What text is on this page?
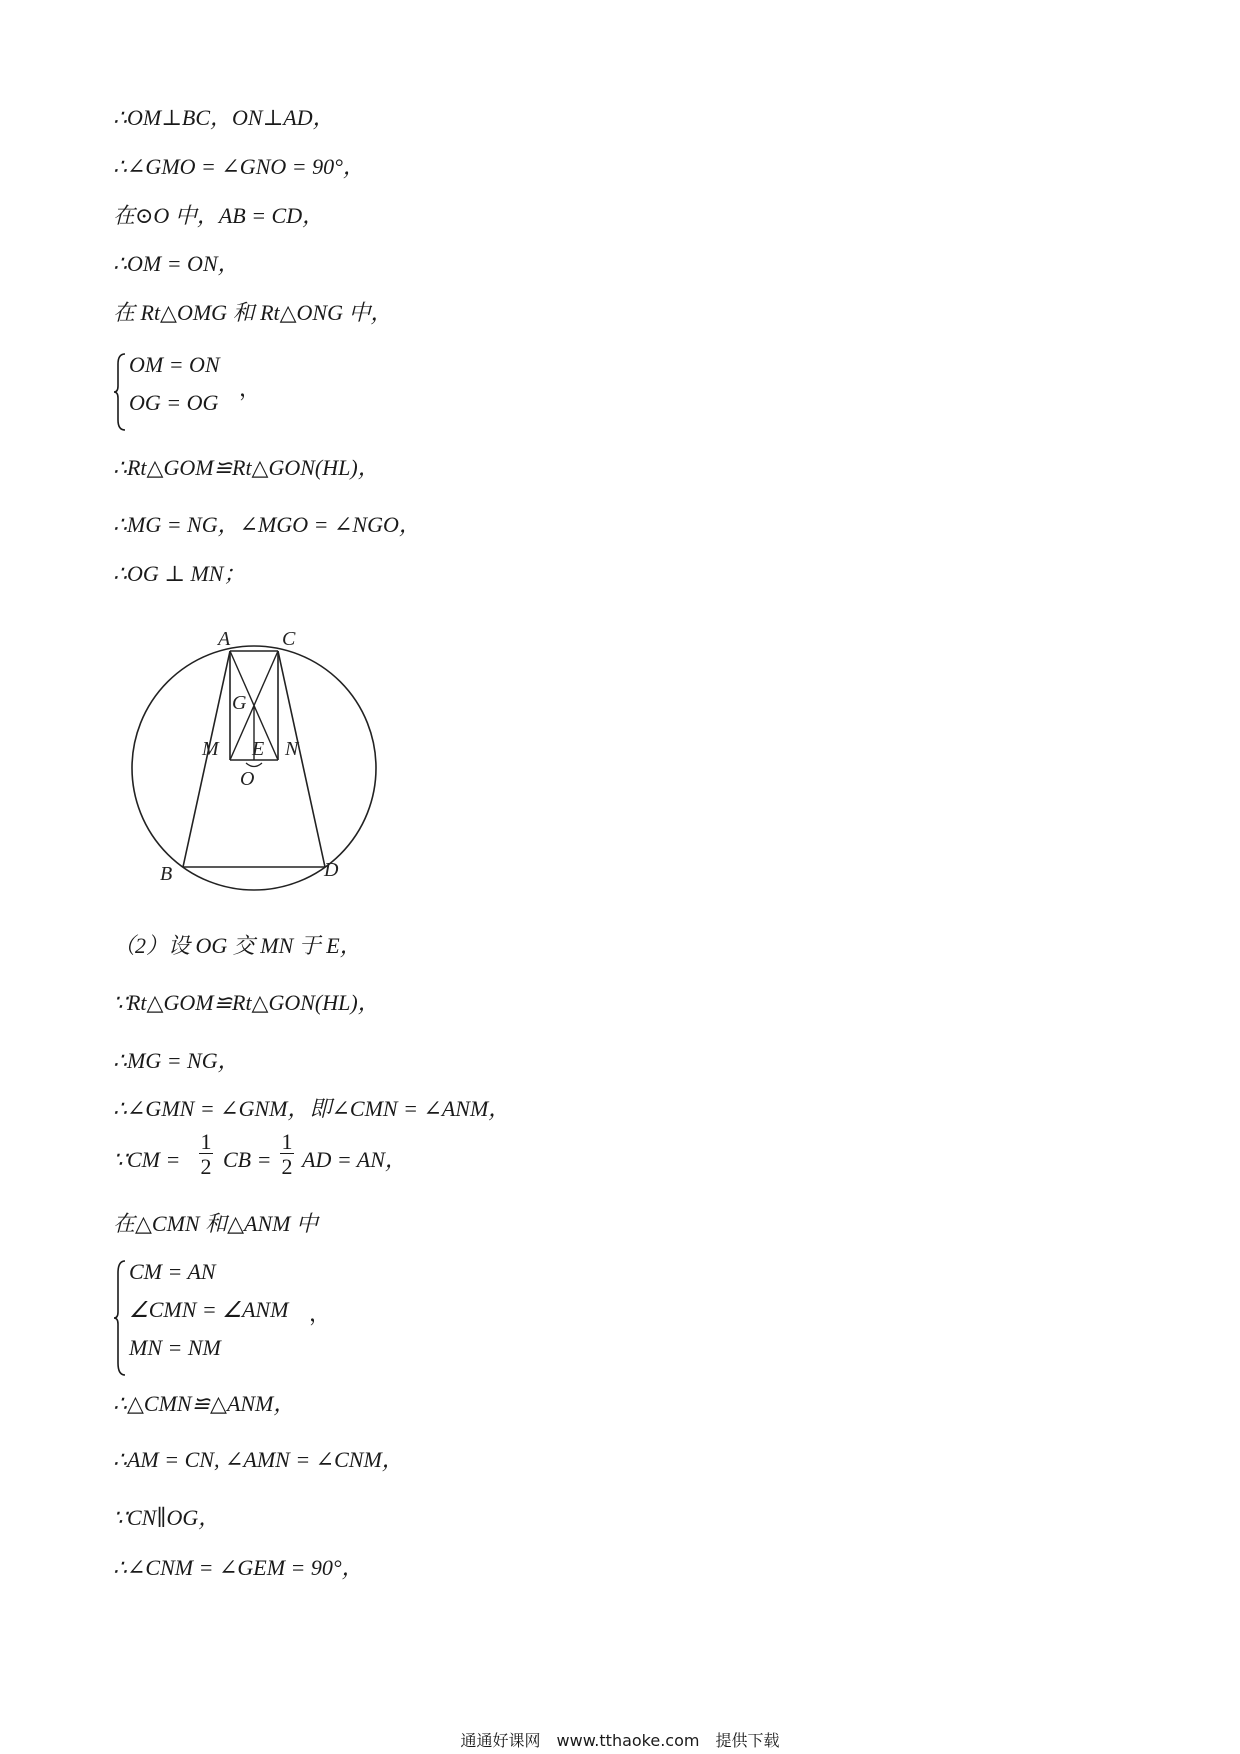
∴OM⊥BC，ON⊥AD，
∴∠GMO = ∠GNO = 90°，
在⊙O 中，AB = CD，
∴OM = ON，
在 Rt△OMG 和 Rt△ONG 中，
OM = ON
OG = OG
，
∴Rt△GOM≌Rt△GON(HL)，
∴MG = NG，∠MGO = ∠NGO，
∴OG ⊥ MN；
A	C
G
M E N
O
B	D
（2）设 OG 交 MN 于 E，
∵Rt△GOM≌Rt△GON(HL)，
∴MG = NG，
∴∠GMN = ∠GNM，即∠CMN = ∠ANM，
∵CM = $\frac{1}{2}$ CB = $\frac{1}{2}$ AD = AN，
在△CMN 和△ANM 中
CM = AN
∠CMN = ∠ANM
MN = NM
，
∴△CMN≌△ANM，
∴AM = CN, ∠AMN = ∠CNM，
∵CN∥OG，
∴∠CNM = ∠GEM = 90°，
通通好课网　www.tthaoke.com　提供下载
